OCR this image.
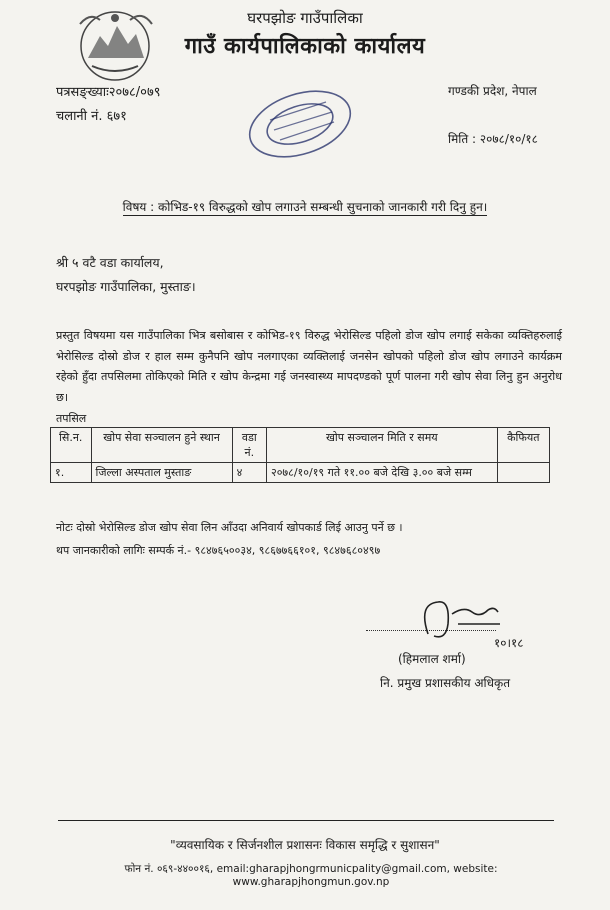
घरपझोङ गाउँपालिका
गाउँ कार्यपालिकाको कार्यालय
पत्रसङ्ख्याः२०७८/०७९
चलानी नं. ६७१
गण्डकी प्रदेश, नेपाल
मिति : २०७८/१०/१८
विषय : कोभिड-१९ विरुद्धको खोप लगाउने सम्बन्धी सुचनाको जानकारी गरी दिनु हुन।
श्री ५ वटै वडा कार्यालय,
घरपझोङ गाउँपालिका, मुस्ताङ।
प्रस्तुत विषयमा यस गाउँपालिका भित्र बसोबास र कोभिड-१९ विरुद्ध भेरोसिल्ड पहिलो डोज खोप लगाई सकेका व्यक्तिहरुलाई भेरोसिल्ड दोस्रो डोज र हाल सम्म कुनैपनि खोप नलगाएका व्यक्तिलाई जनसेन खोपको पहिलो डोज खोप लगाउने कार्यक्रम रहेको हुँदा तपसिलमा तोकिएको मिति र खोप केन्द्रमा गई जनस्वास्थ्य मापदण्डको पूर्ण पालना गरी खोप सेवा लिनु हुन अनुरोध छ।
तपसिल
सि.न.	खोप सेवा सञ्चालन हुने स्थान	वडा नं.	खोप सञ्चालन मिति र समय	कैफियत
१.	जिल्ला अस्पताल मुस्ताङ	४	२०७८/१०/१९ गते ११.०० बजे देखि ३.०० बजे सम्म	
नोटः दोस्रो भेरोसिल्ड डोज खोप सेवा लिन आँउदा अनिवार्य खोपकार्ड लिई आउनु पर्ने छ ।
थप जानकारीको लागिः सम्पर्क नं.- ९८४७६५००३४, ९८६७७६६१०१, ९८४७६८०४९७
१०।१८
(हिमलाल शर्मा)
नि. प्रमुख प्रशासकीय अधिकृत
"व्यवसायिक र सिर्जनशील प्रशासनः विकास समृद्धि र सुशासन"
फोन नं. ०६९-४४००१६, email:gharapjhongrmunicpality@gmail.com, website: www.gharapjhongmun.gov.np
